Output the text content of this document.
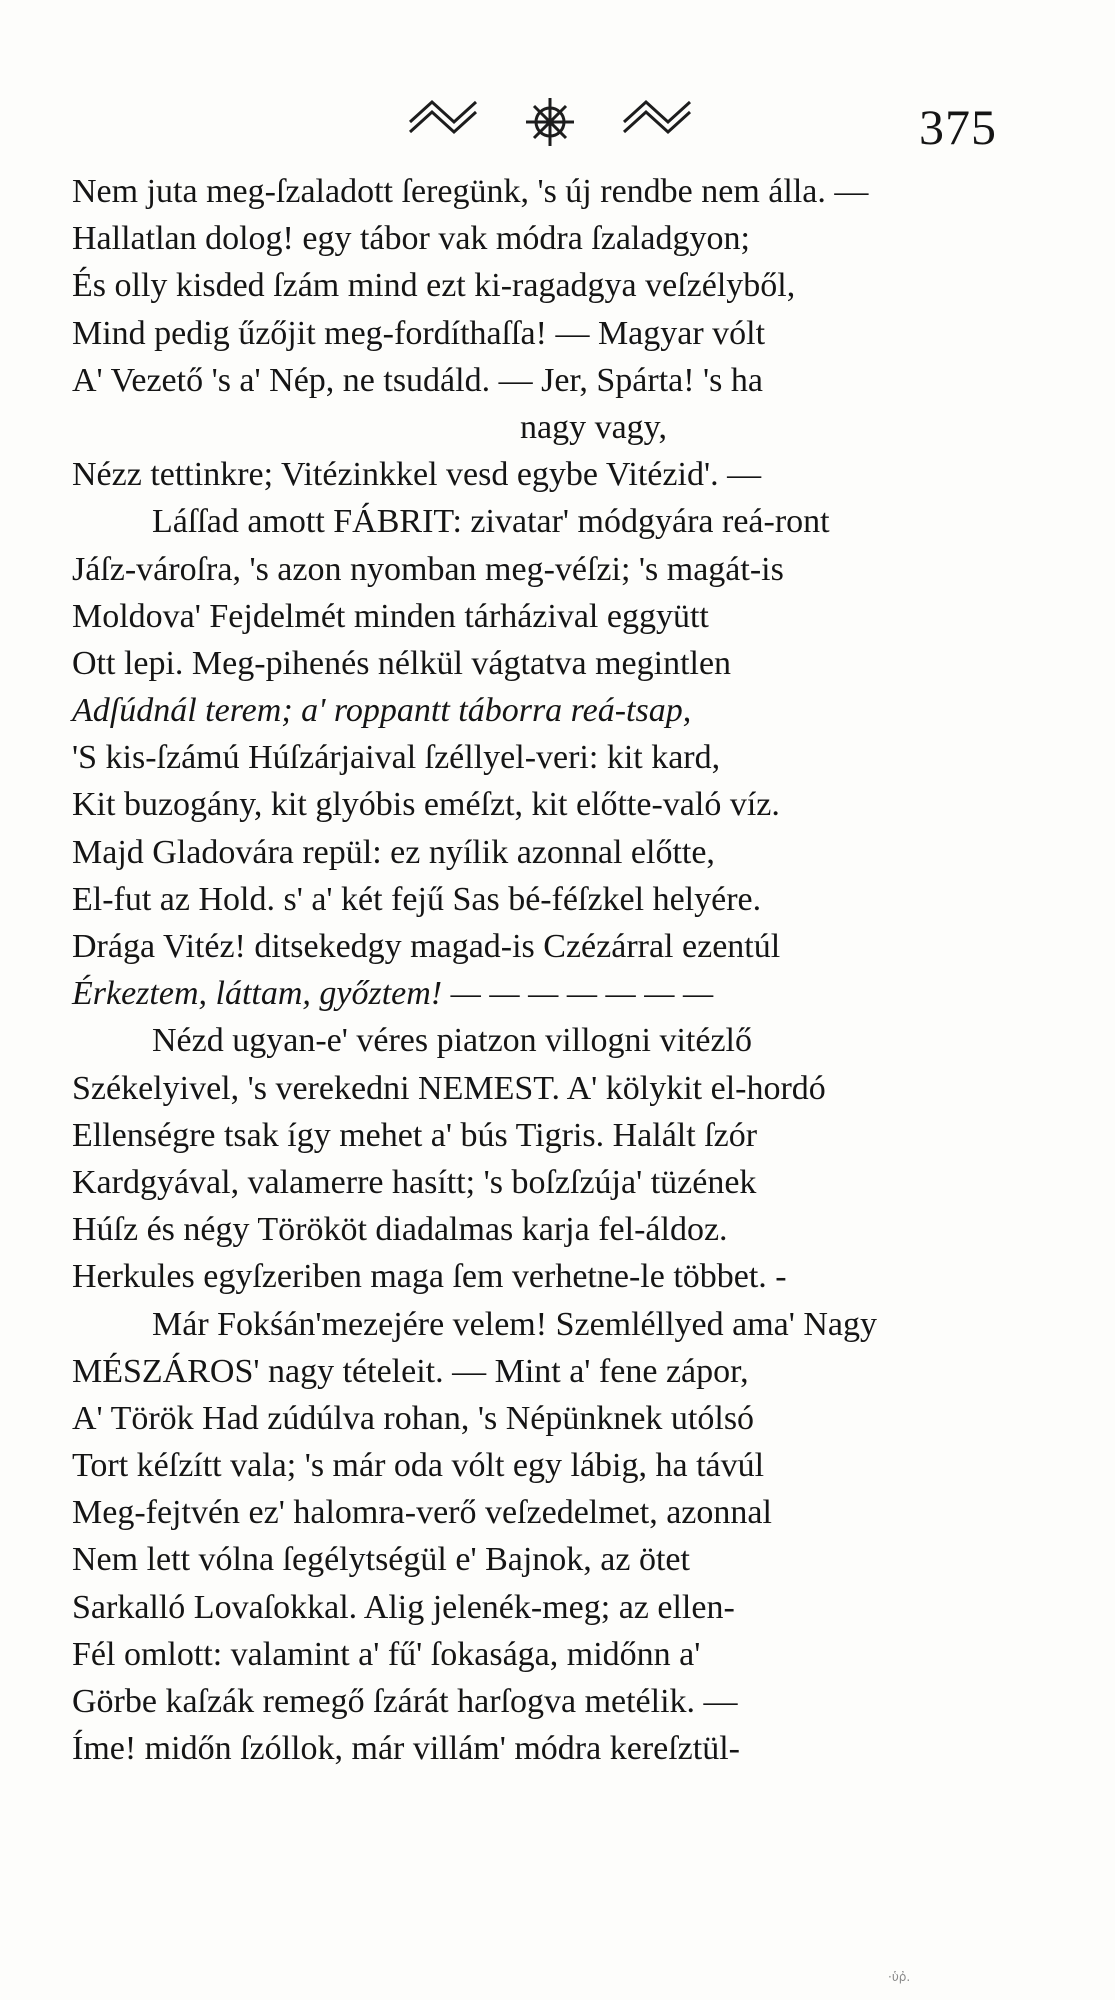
375
Nem juta meg-ſzaladott ſeregünk, 's új rendbe nem álla. —
Hallatlan dolog! egy tábor vak módra ſzaladgyon;
És olly kisded ſzám mind ezt ki-ragadgya veſzélyből,
Mind pedig űzőjit meg-fordíthaſſa! — Magyar vólt
A' Vezető 's a' Nép, ne tsudáld. — Jer, Spárta! 's ha
nagy vagy,
Nézz tettinkre; Vitézinkkel vesd egybe Vitézid'. —
Láſſad amott FÁBRIT: zivatar' módgyára reá-ront
Jáſz-vároſra, 's azon nyomban meg-véſzi; 's magát-is
Moldova' Fejdelmét minden tárházival eggyütt
Ott lepi. Meg-pihenés nélkül vágtatva megintlen
Adſúdnál terem; a' roppantt táborra reá-tsap,
'S kis-ſzámú Húſzárjaival ſzéllyel-veri: kit kard,
Kit buzogány, kit glyóbis eméſzt, kit előtte-való víz.
Majd Gladovára repül: ez nyílik azonnal előtte,
El-fut az Hold. s' a' két fejű Sas bé-féſzkel helyére.
Drága Vitéz! ditsekedgy magad-is Czézárral ezentúl
Érkeztem, láttam, győztem! — — — — — — —
Nézd ugyan-e' véres piatzon villogni vitézlő
Székelyivel, 's verekedni NEMEST. A' kölykit el-hordó
Ellenségre tsak így mehet a' bús Tigris. Halált ſzór
Kardgyával, valamerre hasítt; 's boſzſzúja' tüzének
Húſz és négy Törököt diadalmas karja fel-áldoz.
Herkules egyſzeriben maga ſem verhetne-le többet. -
Már Fokśán'mezejére velem! Szemléllyed ama' Nagy
MÉSZÁROS' nagy tételeit. — Mint a' fene zápor,
A' Török Had zúdúlva rohan, 's Népünknek utólsó
Tort kéſzítt vala; 's már oda vólt egy lábig, ha távúl
Meg-fejtvén ez' halomra-verő veſzedelmet, azonnal
Nem lett vólna ſegélytségül e' Bajnok, az ötet
Sarkalló Lovaſokkal. Alig jelenék-meg; az ellen-
Fél omlott: valamint a' fű' ſokasága, midőnn a'
Görbe kaſzák remegő ſzárát harſogva metélik. —
Íme! midőn ſzóllok, már villám' módra kereſztül-
·ὑῤ.
